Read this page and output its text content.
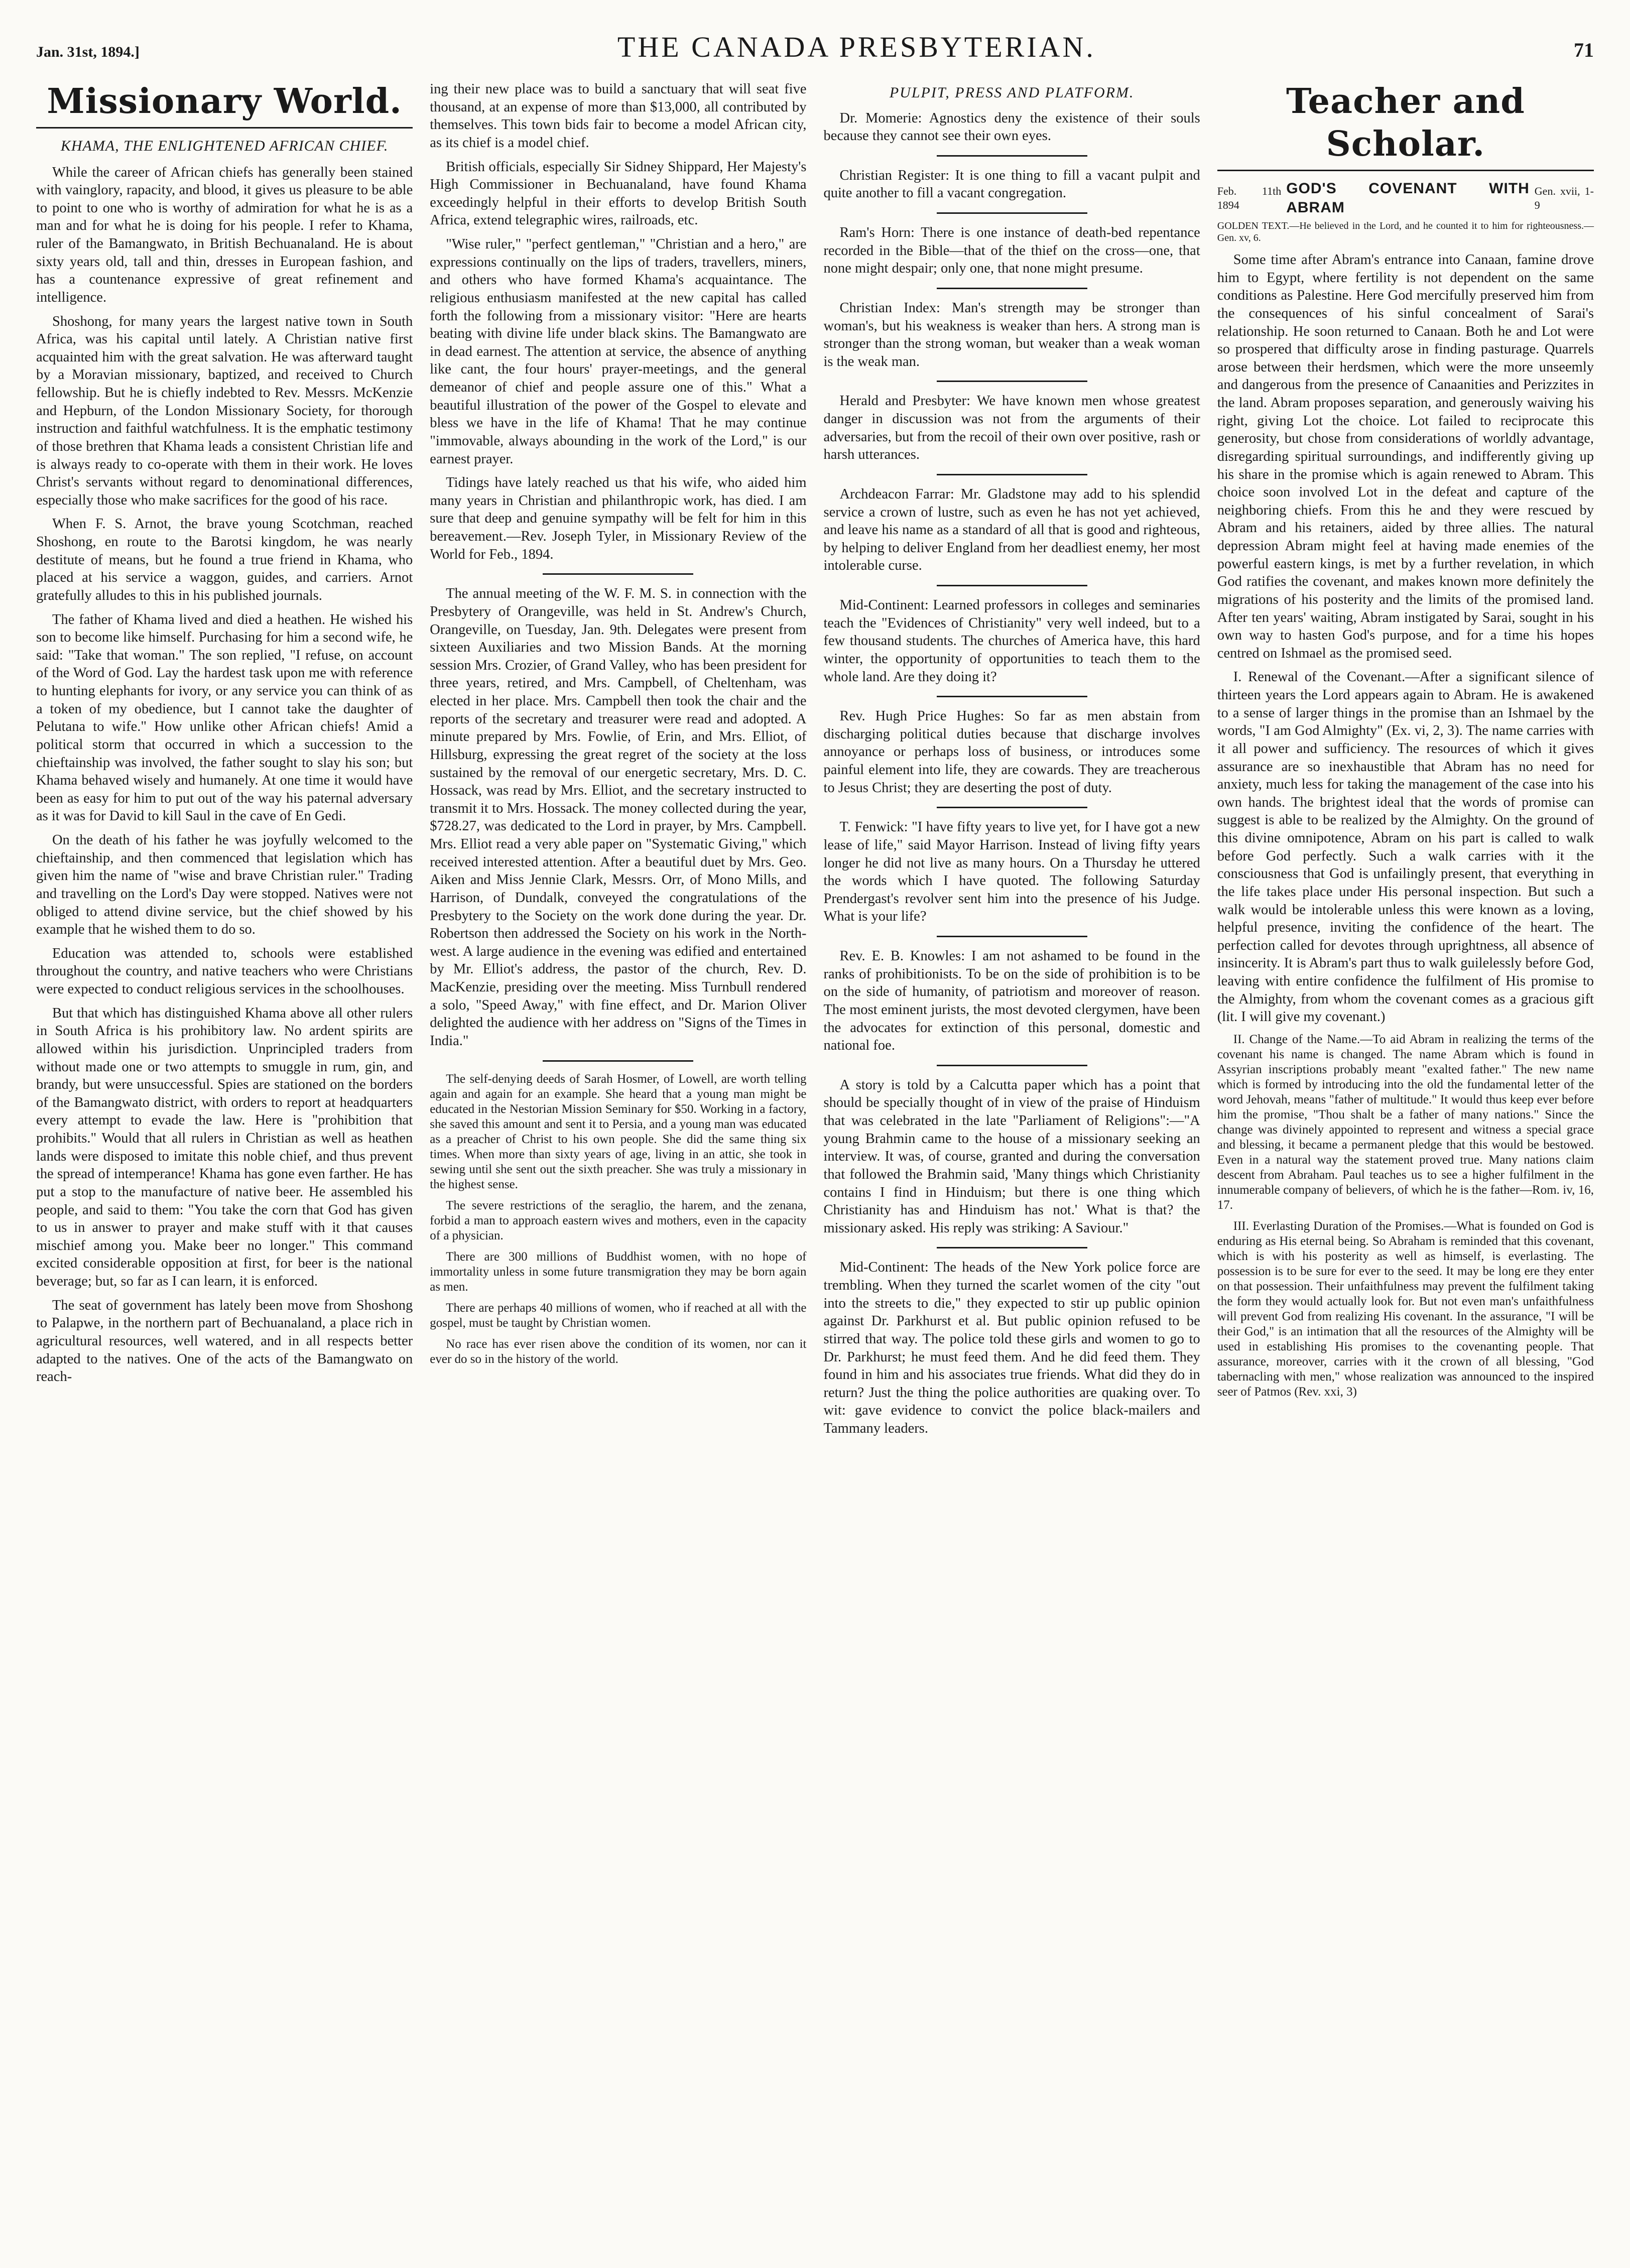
Jan. 31st, 1894.]	THE CANADA PRESBYTERIAN.	71
Missionary World.
KHAMA, THE ENLIGHTENED AFRICAN CHIEF.

While the career of African chiefs has generally been stained with vainglory, rapacity, and blood, it gives us pleasure to be able to point to one who is worthy of admiration for what he is as a man and for what he is doing for his people. I refer to Khama, ruler of the Bamangwato, in British Bechuanaland. He is about sixty years old, tall and thin, dresses in European fashion, and has a countenance expressive of great refinement and intelligence.

Shoshong, for many years the largest native town in South Africa, was his capital until lately. A Christian native first acquainted him with the great salvation. He was afterward taught by a Moravian missionary, baptized, and received to Church fellowship. But he is chiefly indebted to Rev. Messrs. McKenzie and Hepburn, of the London Missionary Society, for thorough instruction and faithful watchfulness. It is the emphatic testimony of those brethren that Khama leads a consistent Christian life and is always ready to co-operate with them in their work. He loves Christ's servants without regard to denominational differences, especially those who make sacrifices for the good of his race.

When F. S. Arnot, the brave young Scotchman, reached Shoshong, en route to the Barotsi kingdom, he was nearly destitute of means, but he found a true friend in Khama, who placed at his service a waggon, guides, and carriers. Arnot gratefully alludes to this in his published journals.

The father of Khama lived and died a heathen. He wished his son to become like himself. Purchasing for him a second wife, he said: "Take that woman." The son replied, "I refuse, on account of the Word of God. Lay the hardest task upon me with reference to hunting elephants for ivory, or any service you can think of as a token of my obedience, but I cannot take the daughter of Pelutana to wife." How unlike other African chiefs! Amid a political storm that occurred in which a succession to the chieftainship was involved, the father sought to slay his son; but Khama behaved wisely and humanely. At one time it would have been as easy for him to put out of the way his paternal adversary as it was for David to kill Saul in the cave of En Gedi.

On the death of his father he was joyfully welcomed to the chieftainship, and then commenced that legislation which has given him the name of "wise and brave Christian ruler." Trading and travelling on the Lord's Day were stopped. Natives were not obliged to attend divine service, but the chief showed by his example that he wished them to do so.

Education was attended to, schools were established throughout the country, and native teachers who were Christians were expected to conduct religious services in the schoolhouses.

But that which has distinguished Khama above all other rulers in South Africa is his prohibitory law. No ardent spirits are allowed within his jurisdiction. Unprincipled traders from without made one or two attempts to smuggle in rum, gin, and brandy, but were unsuccessful. Spies are stationed on the borders of the Bamangwato district, with orders to report at headquarters every attempt to evade the law. Here is "prohibition that prohibits." Would that all rulers in Christian as well as heathen lands were disposed to imitate this noble chief, and thus prevent the spread of intemperance! Khama has gone even farther. He has put a stop to the manufacture of native beer. He assembled his people, and said to them: "You take the corn that God has given to us in answer to prayer and make stuff with it that causes mischief among you. Make beer no longer." This command excited considerable opposition at first, for beer is the national beverage; but, so far as I can learn, it is enforced.

The seat of government has lately been move from Shoshong to Palapwe, in the northern part of Bechuanaland, a place rich in agricultural resources, well watered, and in all respects better adapted to the natives. One of the acts of the Bamangwato on reach-

ing their new place was to build a sanctuary that will seat five thousand, at an expense of more than $13,000, all contributed by themselves. This town bids fair to become a model African city, as its chief is a model chief.

British officials, especially Sir Sidney Shippard, Her Majesty's High Commissioner in Bechuanaland, have found Khama exceedingly helpful in their efforts to develop British South Africa, extend telegraphic wires, railroads, etc.

"Wise ruler," "perfect gentleman," "Christian and a hero," are expressions continually on the lips of traders, travellers, miners, and others who have formed Khama's acquaintance. The religious enthusiasm manifested at the new capital has called forth the following from a missionary visitor: "Here are hearts beating with divine life under black skins. The Bamangwato are in dead earnest. The attention at service, the absence of anything like cant, the four hours' prayer-meetings, and the general demeanor of chief and people assure one of this." What a beautiful illustration of the power of the Gospel to elevate and bless we have in the life of Khama! That he may continue "immovable, always abounding in the work of the Lord," is our earnest prayer.

Tidings have lately reached us that his wife, who aided him many years in Christian and philanthropic work, has died. I am sure that deep and genuine sympathy will be felt for him in this bereavement.—Rev. Joseph Tyler, in Missionary Review of the World for Feb., 1894.

The annual meeting of the W. F. M. S. in connection with the Presbytery of Orangeville, was held in St. Andrew's Church, Orangeville, on Tuesday, Jan. 9th. Delegates were present from sixteen Auxiliaries and two Mission Bands. At the morning session Mrs. Crozier, of Grand Valley, who has been president for three years, retired, and Mrs. Campbell, of Cheltenham, was elected in her place. Mrs. Campbell then took the chair and the reports of the secretary and treasurer were read and adopted. A minute prepared by Mrs. Fowlie, of Erin, and Mrs. Elliot, of Hillsburg, expressing the great regret of the society at the loss sustained by the removal of our energetic secretary, Mrs. D. C. Hossack, was read by Mrs. Elliot, and the secretary instructed to transmit it to Mrs. Hossack. The money collected during the year, $728.27, was dedicated to the Lord in prayer, by Mrs. Campbell. Mrs. Elliot read a very able paper on "Systematic Giving," which received interested attention. After a beautiful duet by Mrs. Geo. Aiken and Miss Jennie Clark, Messrs. Orr, of Mono Mills, and Harrison, of Dundalk, conveyed the congratulations of the Presbytery to the Society on the work done during the year. Dr. Robertson then addressed the Society on his work in the North-west. A large audience in the evening was edified and entertained by Mr. Elliot's address, the pastor of the church, Rev. D. MacKenzie, presiding over the meeting. Miss Turnbull rendered a solo, "Speed Away," with fine effect, and Dr. Marion Oliver delighted the audience with her address on "Signs of the Times in India."

The self-denying deeds of Sarah Hosmer, of Lowell, are worth telling again and again for an example. She heard that a young man might be educated in the Nestorian Mission Seminary for $50. Working in a factory, she saved this amount and sent it to Persia, and a young man was educated as a preacher of Christ to his own people. She did the same thing six times. When more than sixty years of age, living in an attic, she took in sewing until she sent out the sixth preacher. She was truly a missionary in the highest sense.

The severe restrictions of the seraglio, the harem, and the zenana, forbid a man to approach eastern wives and mothers, even in the capacity of a physician.

There are 300 millions of Buddhist women, with no hope of immortality unless in some future transmigration they may be born again as men.

There are perhaps 40 millions of women, who if reached at all with the gospel, must be taught by Christian women.

No race has ever risen above the condition of its women, nor can it ever do so in the history of the world.

PULPIT, PRESS AND PLATFORM.

Dr. Momerie: Agnostics deny the existence of their souls because they cannot see their own eyes.

Christian Register: It is one thing to fill a vacant pulpit and quite another to fill a vacant congregation.

Ram's Horn: There is one instance of death-bed repentance recorded in the Bible—that of the thief on the cross—one, that none might despair; only one, that none might presume.

Christian Index: Man's strength may be stronger than woman's, but his weakness is weaker than hers. A strong man is stronger than the strong woman, but weaker than a weak woman is the weak man.

Herald and Presbyter: We have known men whose greatest danger in discussion was not from the arguments of their adversaries, but from the recoil of their own over positive, rash or harsh utterances.

Archdeacon Farrar: Mr. Gladstone may add to his splendid service a crown of lustre, such as even he has not yet achieved, and leave his name as a standard of all that is good and righteous, by helping to deliver England from her deadliest enemy, her most intolerable curse.

Mid-Continent: Learned professors in colleges and seminaries teach the "Evidences of Christianity" very well indeed, but to a few thousand students. The churches of America have, this hard winter, the opportunity of opportunities to teach them to the whole land. Are they doing it?

Rev. Hugh Price Hughes: So far as men abstain from discharging political duties because that discharge involves annoyance or perhaps loss of business, or introduces some painful element into life, they are cowards. They are treacherous to Jesus Christ; they are deserting the post of duty.

T. Fenwick: "I have fifty years to live yet, for I have got a new lease of life," said Mayor Harrison. Instead of living fifty years longer he did not live as many hours. On a Thursday he uttered the words which I have quoted. The following Saturday Prendergast's revolver sent him into the presence of his Judge. What is your life?

Rev. E. B. Knowles: I am not ashamed to be found in the ranks of prohibitionists. To be on the side of prohibition is to be on the side of humanity, of patriotism and moreover of reason. The most eminent jurists, the most devoted clergymen, have been the advocates for extinction of this personal, domestic and national foe.

A story is told by a Calcutta paper which has a point that should be specially thought of in view of the praise of Hinduism that was celebrated in the late "Parliament of Religions":—"A young Brahmin came to the house of a missionary seeking an interview. It was, of course, granted and during the conversation that followed the Brahmin said, 'Many things which Christianity contains I find in Hinduism; but there is one thing which Christianity has and Hinduism has not.' What is that? the missionary asked. His reply was striking: A Saviour."

Mid-Continent: The heads of the New York police force are trembling. When they turned the scarlet women of the city "out into the streets to die," they expected to stir up public opinion against Dr. Parkhurst et al. But public opinion refused to be stirred that way. The police told these girls and women to go to Dr. Parkhurst; he must feed them. And he did feed them. They found in him and his associates true friends. What did they do in return? Just the thing the police authorities are quaking over. To wit: gave evidence to convict the police black-mailers and Tammany leaders.

Teacher and Scholar.
Feb. 11th 1894
GOD'S COVENANT WITH ABRAM
Gen. xvii, 1-9
GOLDEN TEXT.—He believed in the Lord, and he counted it to him for righteousness.—Gen. xv, 6.

Some time after Abram's entrance into Canaan, famine drove him to Egypt, where fertility is not dependent on the same conditions as Palestine. Here God mercifully preserved him from the consequences of his sinful concealment of Sarai's relationship. He soon returned to Canaan. Both he and Lot were so prospered that difficulty arose in finding pasturage. Quarrels arose between their herdsmen, which were the more unseemly and dangerous from the presence of Canaanities and Perizzites in the land. Abram proposes separation, and generously waiving his right, giving Lot the choice. Lot failed to reciprocate this generosity, but chose from considerations of worldly advantage, disregarding spiritual surroundings, and indifferently giving up his share in the promise which is again renewed to Abram. This choice soon involved Lot in the defeat and capture of the neighboring chiefs. From this he and they were rescued by Abram and his retainers, aided by three allies. The natural depression Abram might feel at having made enemies of the powerful eastern kings, is met by a further revelation, in which God ratifies the covenant, and makes known more definitely the migrations of his posterity and the limits of the promised land. After ten years' waiting, Abram instigated by Sarai, sought in his own way to hasten God's purpose, and for a time his hopes centred on Ishmael as the promised seed.

I. Renewal of the Covenant.—After a significant silence of thirteen years the Lord appears again to Abram. He is awakened to a sense of larger things in the promise than an Ishmael by the words, "I am God Almighty" (Ex. vi, 2, 3). The name carries with it all power and sufficiency. The resources of which it gives assurance are so inexhaustible that Abram has no need for anxiety, much less for taking the management of the case into his own hands. The brightest ideal that the words of promise can suggest is able to be realized by the Almighty. On the ground of this divine omnipotence, Abram on his part is called to walk before God perfectly. Such a walk carries with it the consciousness that God is unfailingly present, that everything in the life takes place under His personal inspection. But such a walk would be intolerable unless this were known as a loving, helpful presence, inviting the confidence of the heart. The perfection called for devotes through uprightness, all absence of insincerity. It is Abram's part thus to walk guilelessly before God, leaving with entire confidence the fulfilment of His promise to the Almighty, from whom the covenant comes as a gracious gift (lit. I will give my covenant.)

II. Change of the Name.—To aid Abram in realizing the terms of the covenant his name is changed. The name Abram which is found in Assyrian inscriptions probably meant "exalted father." The new name which is formed by introducing into the old the fundamental letter of the word Jehovah, means "father of multitude." It would thus keep ever before him the promise, "Thou shalt be a father of many nations." Since the change was divinely appointed to represent and witness a special grace and blessing, it became a permanent pledge that this would be bestowed. Even in a natural way the statement proved true. Many nations claim descent from Abraham. Paul teaches us to see a higher fulfilment in the innumerable company of believers, of which he is the father—Rom. iv, 16, 17.

III. Everlasting Duration of the Promises.—What is founded on God is enduring as His eternal being. So Abraham is reminded that this covenant, which is with his posterity as well as himself, is everlasting. The possession is to be sure for ever to the seed. It may be long ere they enter on that possession. Their unfaithfulness may prevent the fulfilment taking the form they would actually look for. But not even man's unfaithfulness will prevent God from realizing His covenant. In the assurance, "I will be their God," is an intimation that all the resources of the Almighty will be used in establishing His promises to the covenanting people. That assurance, moreover, carries with it the crown of all blessing, "God tabernacling with men," whose realization was announced to the inspired seer of Patmos (Rev. xxi, 3)
